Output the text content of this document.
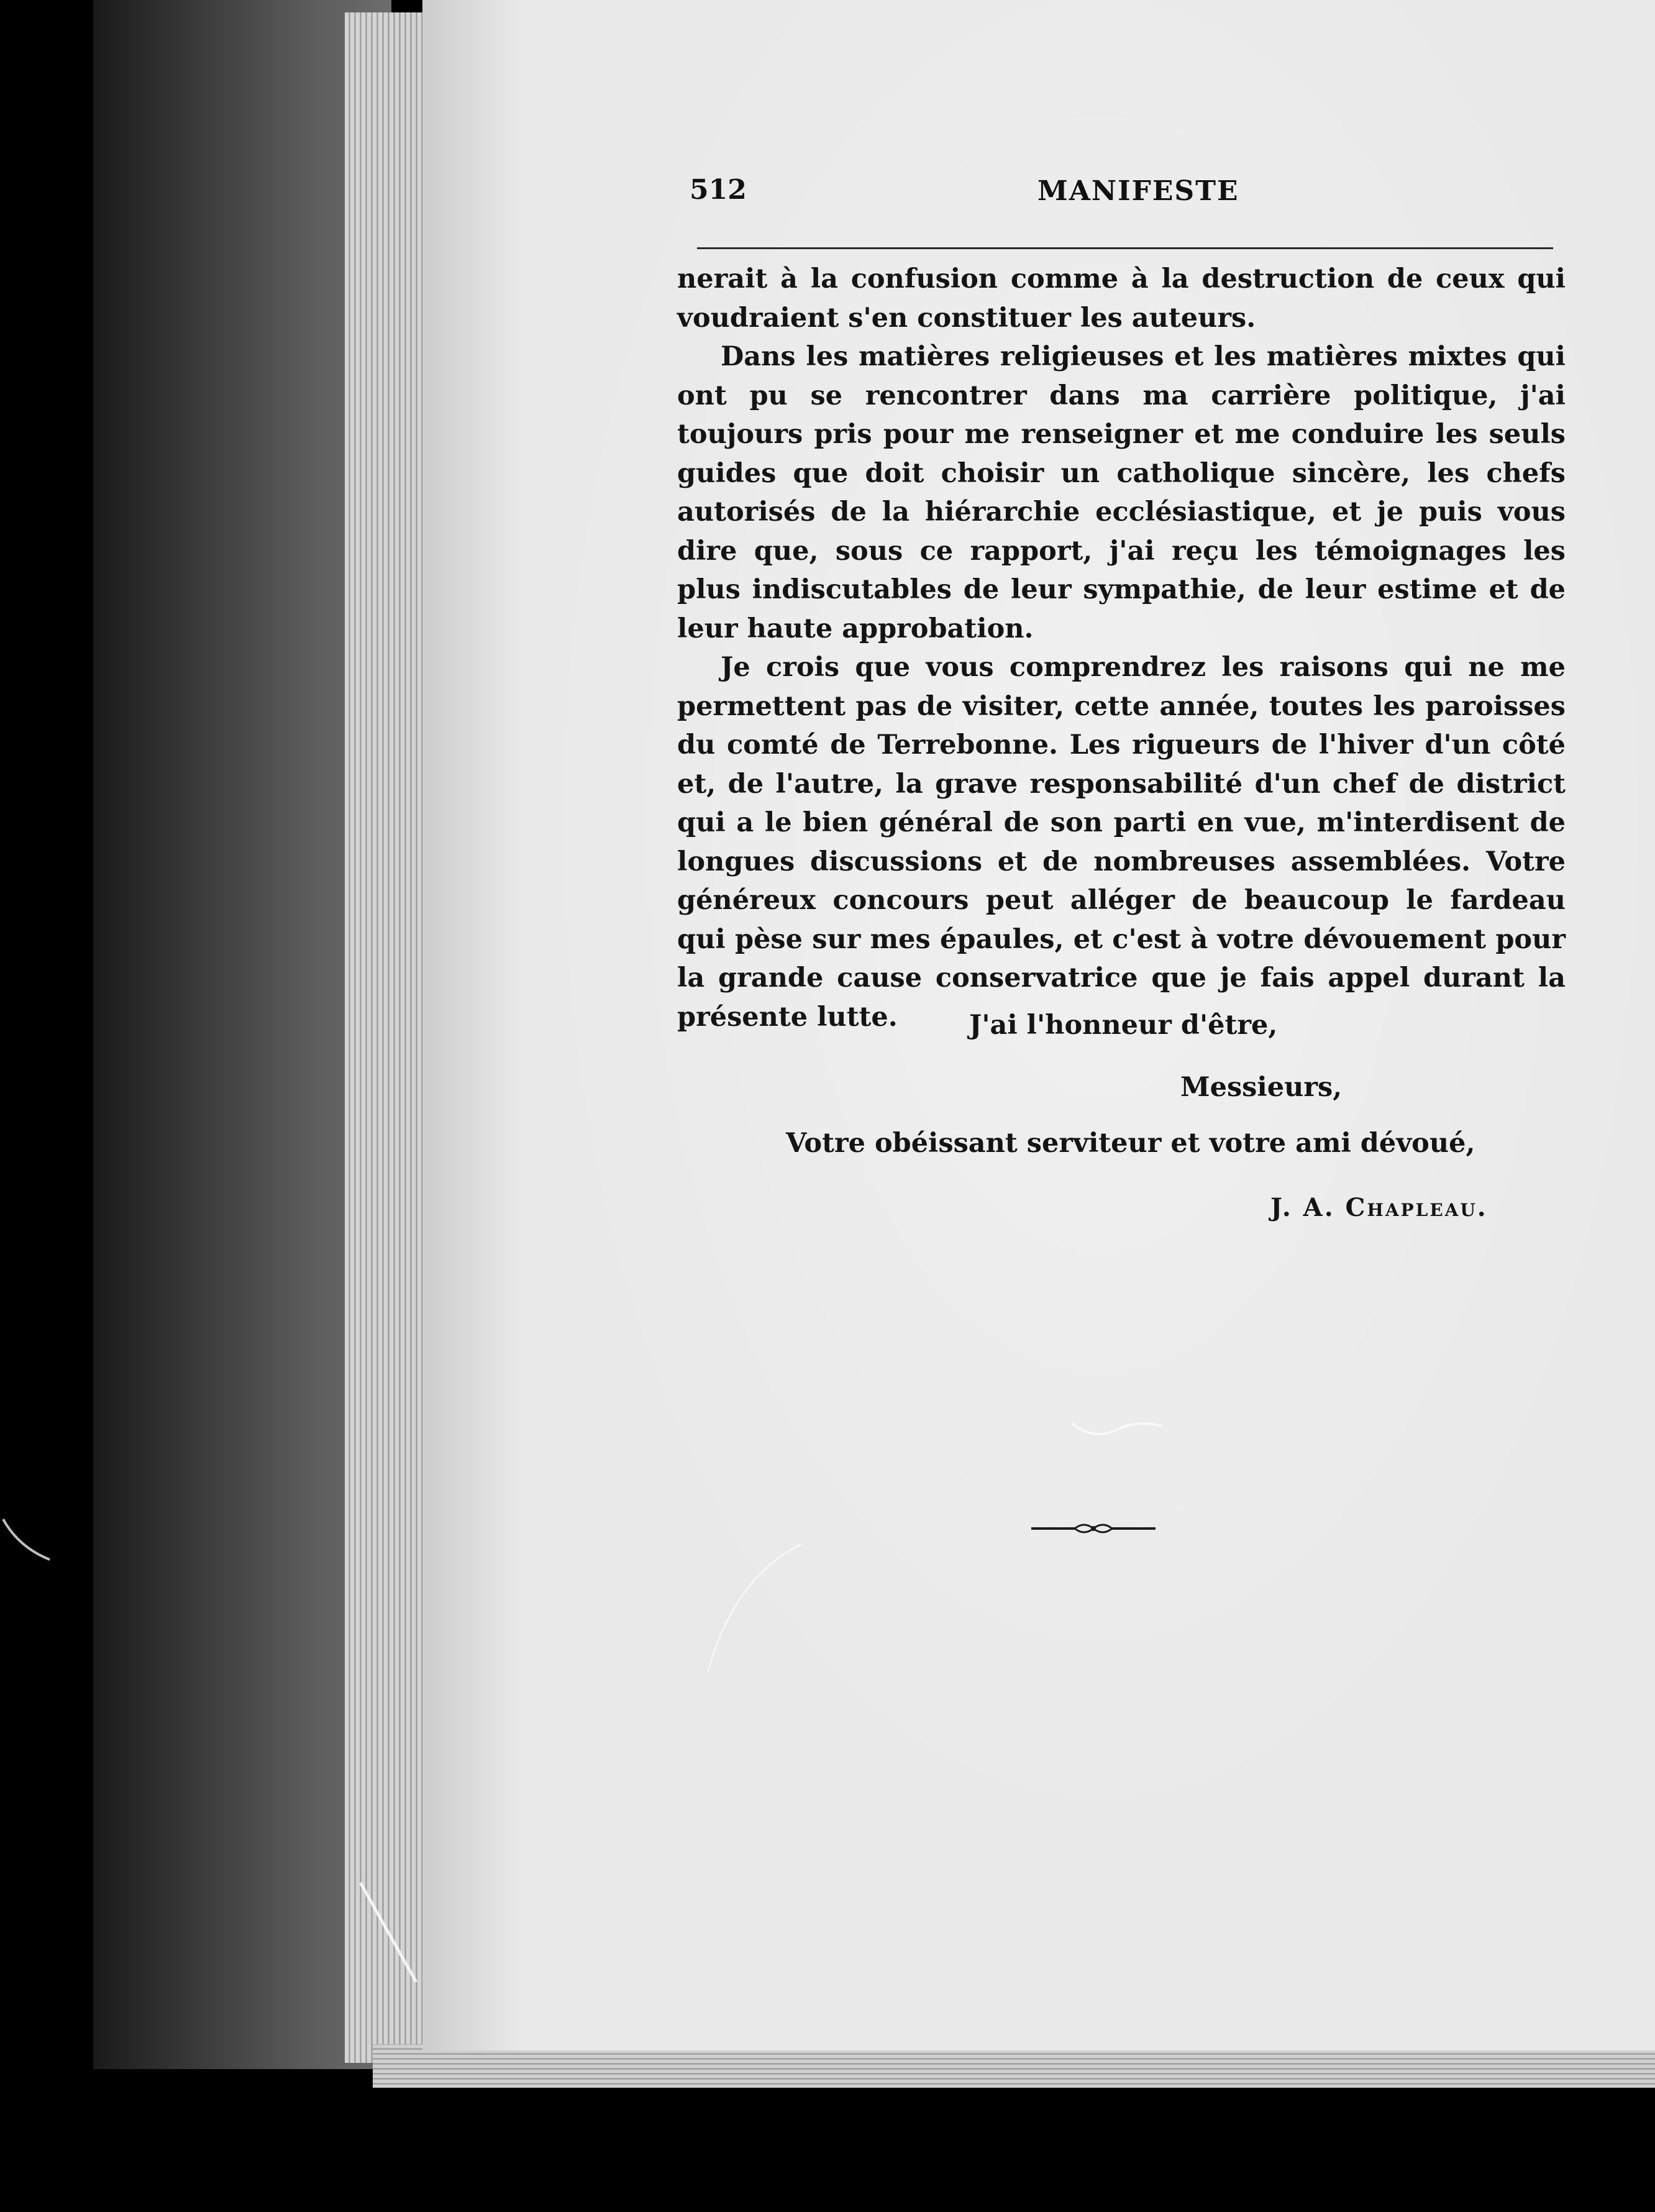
512	MANIFESTE

nerait à la confusion comme à la destruction de ceux qui voudraient s'en constituer les auteurs.

Dans les matières religieuses et les matières mixtes qui ont pu se rencontrer dans ma carrière politique, j'ai toujours pris pour me renseigner et me conduire les seuls guides que doit choisir un catholique sincère, les chefs autorisés de la hiérarchie ecclésiastique, et je puis vous dire que, sous ce rapport, j'ai reçu les témoignages les plus indiscutables de leur sympathie, de leur estime et de leur haute approbation.

Je crois que vous comprendrez les raisons qui ne me permettent pas de visiter, cette année, toutes les paroisses du comté de Terrebonne. Les rigueurs de l'hiver d'un côté et, de l'autre, la grave responsabilité d'un chef de district qui a le bien général de son parti en vue, m'interdisent de longues discussions et de nombreuses assemblées. Votre généreux concours peut alléger de beaucoup le fardeau qui pèse sur mes épaules, et c'est à votre dévouement pour la grande cause conservatrice que je fais appel durant la présente lutte.	J'ai l'honneur d'être,
Messieurs,
Votre obéissant serviteur et votre ami dévoué,
J. A. Chapleau.
